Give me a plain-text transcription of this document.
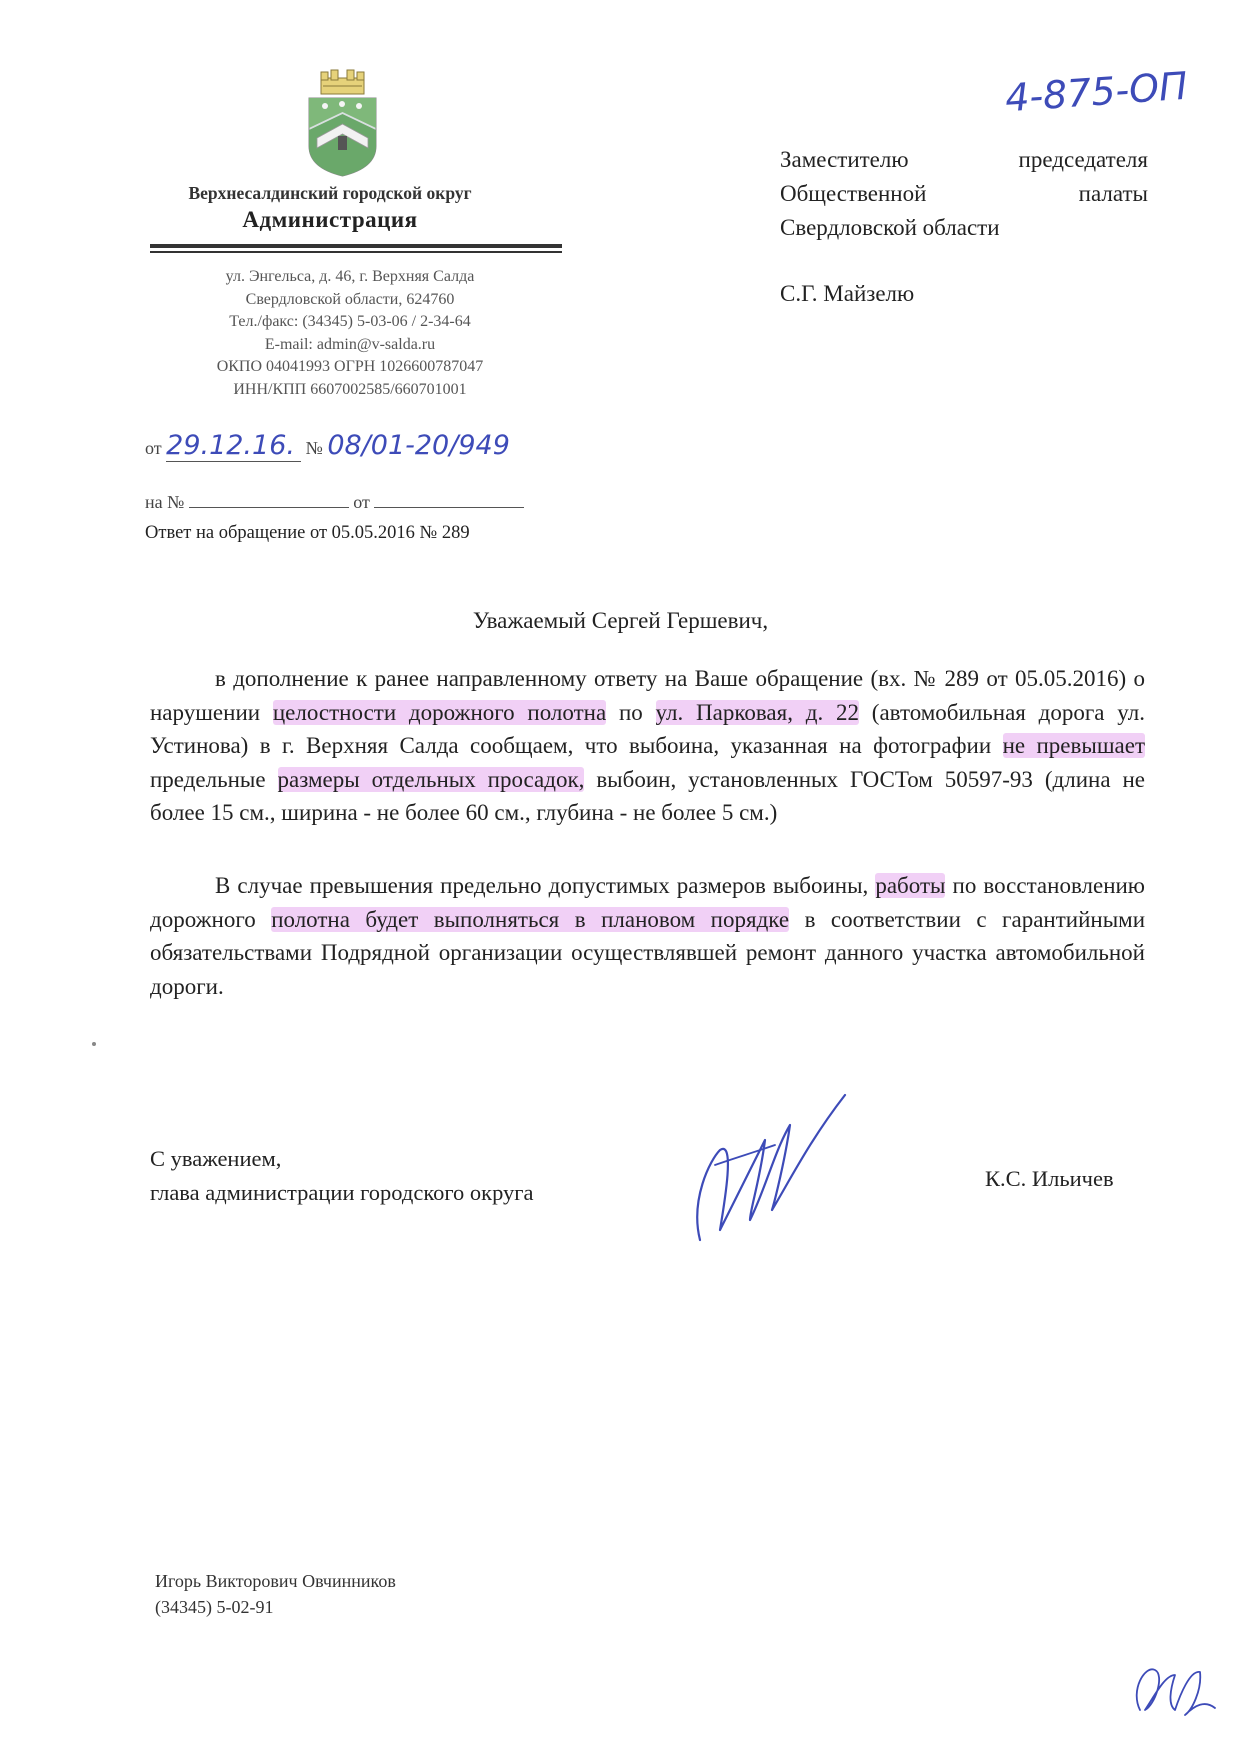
Верхнесалдинский городской округ
Администрация
ул. Энгельса, д. 46, г. Верхняя Салда
Свердловской области, 624760
Тел./факс: (34345) 5-03-06 / 2-34-64
E-mail: admin@v-salda.ru
ОКПО 04041993 ОГРН 1026600787047
ИНН/КПП 6607002585/660701001
от 29.12.16. № 08/01-20/949
на №	от
Ответ на обращение от 05.05.2016 № 289
4-875-ОП
Заместителю	председателя
Общественной	палаты
Свердловской области
С.Г. Майзелю
Уважаемый Сергей Гершевич,
в дополнение к ранее направленному ответу на Ваше обращение (вх. № 289 от 05.05.2016) о нарушении целостности дорожного полотна по ул. Парковая, д. 22 (автомобильная дорога ул. Устинова) в г. Верхняя Салда сообщаем, что выбоина, указанная на фотографии не превышает предельные размеры отдельных просадок, выбоин, установленных ГОСТом 50597-93 (длина не более 15 см., ширина - не более 60 см., глубина - не более 5 см.)
В случае превышения предельно допустимых размеров выбоины, работы по восстановлению дорожного полотна будет выполняться в плановом порядке в соответствии с гарантийными обязательствами Подрядной организации осуществлявшей ремонт данного участка автомобильной дороги.
С уважением,
глава администрации городского округа
К.С. Ильичев
Игорь Викторович Овчинников
(34345) 5-02-91
